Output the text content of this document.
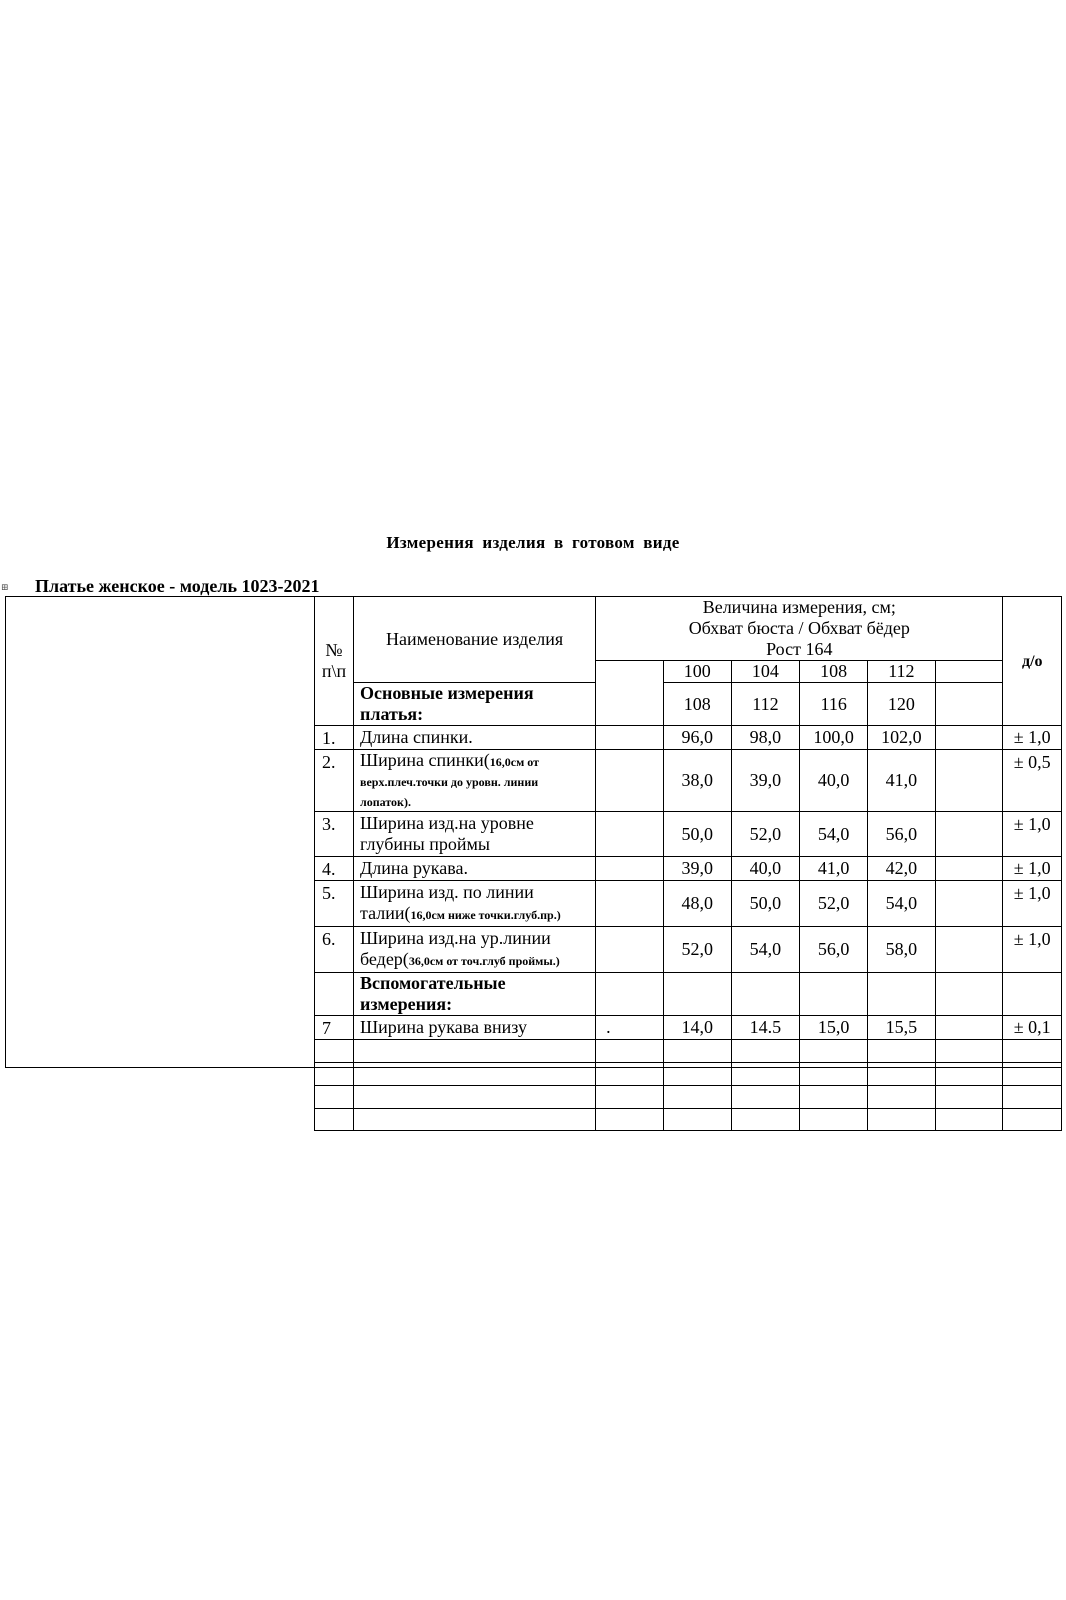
Измерения изделия в готовом виде
⊞ Платье женское - модель 1023-2021
№ п\п	Наименование изделия	Величина измерения, см;
Обхват бюста / Обхват бёдер
Рост 164						д/о
			100	104	108	112		
	Основные измерения платья:		108	112	116	120		
1.	Длина спинки.		96,0	98,0	100,0	102,0		± 1,0
2.	Ширина спинки(16,0см от верх.плеч.точки до уровн. линии лопаток).		38,0	39,0	40,0	41,0		± 0,5
3.	Ширина изд.на уровне глубины проймы		50,0	52,0	54,0	56,0		± 1,0
4.	Длина рукава.		39,0	40,0	41,0	42,0		± 1,0
5.	Ширина изд. по линии талии(16,0см ниже точки.глуб.пр.)		48,0	50,0	52,0	54,0		± 1,0
6.	Ширина изд.на ур.линии бедер(36,0см от точ.глуб проймы.)		52,0	54,0	56,0	58,0		± 1,0
	Вспомогательные измерения:							
7	Ширина рукава внизу	.	14,0	14.5	15,0	15,5		± 0,1
